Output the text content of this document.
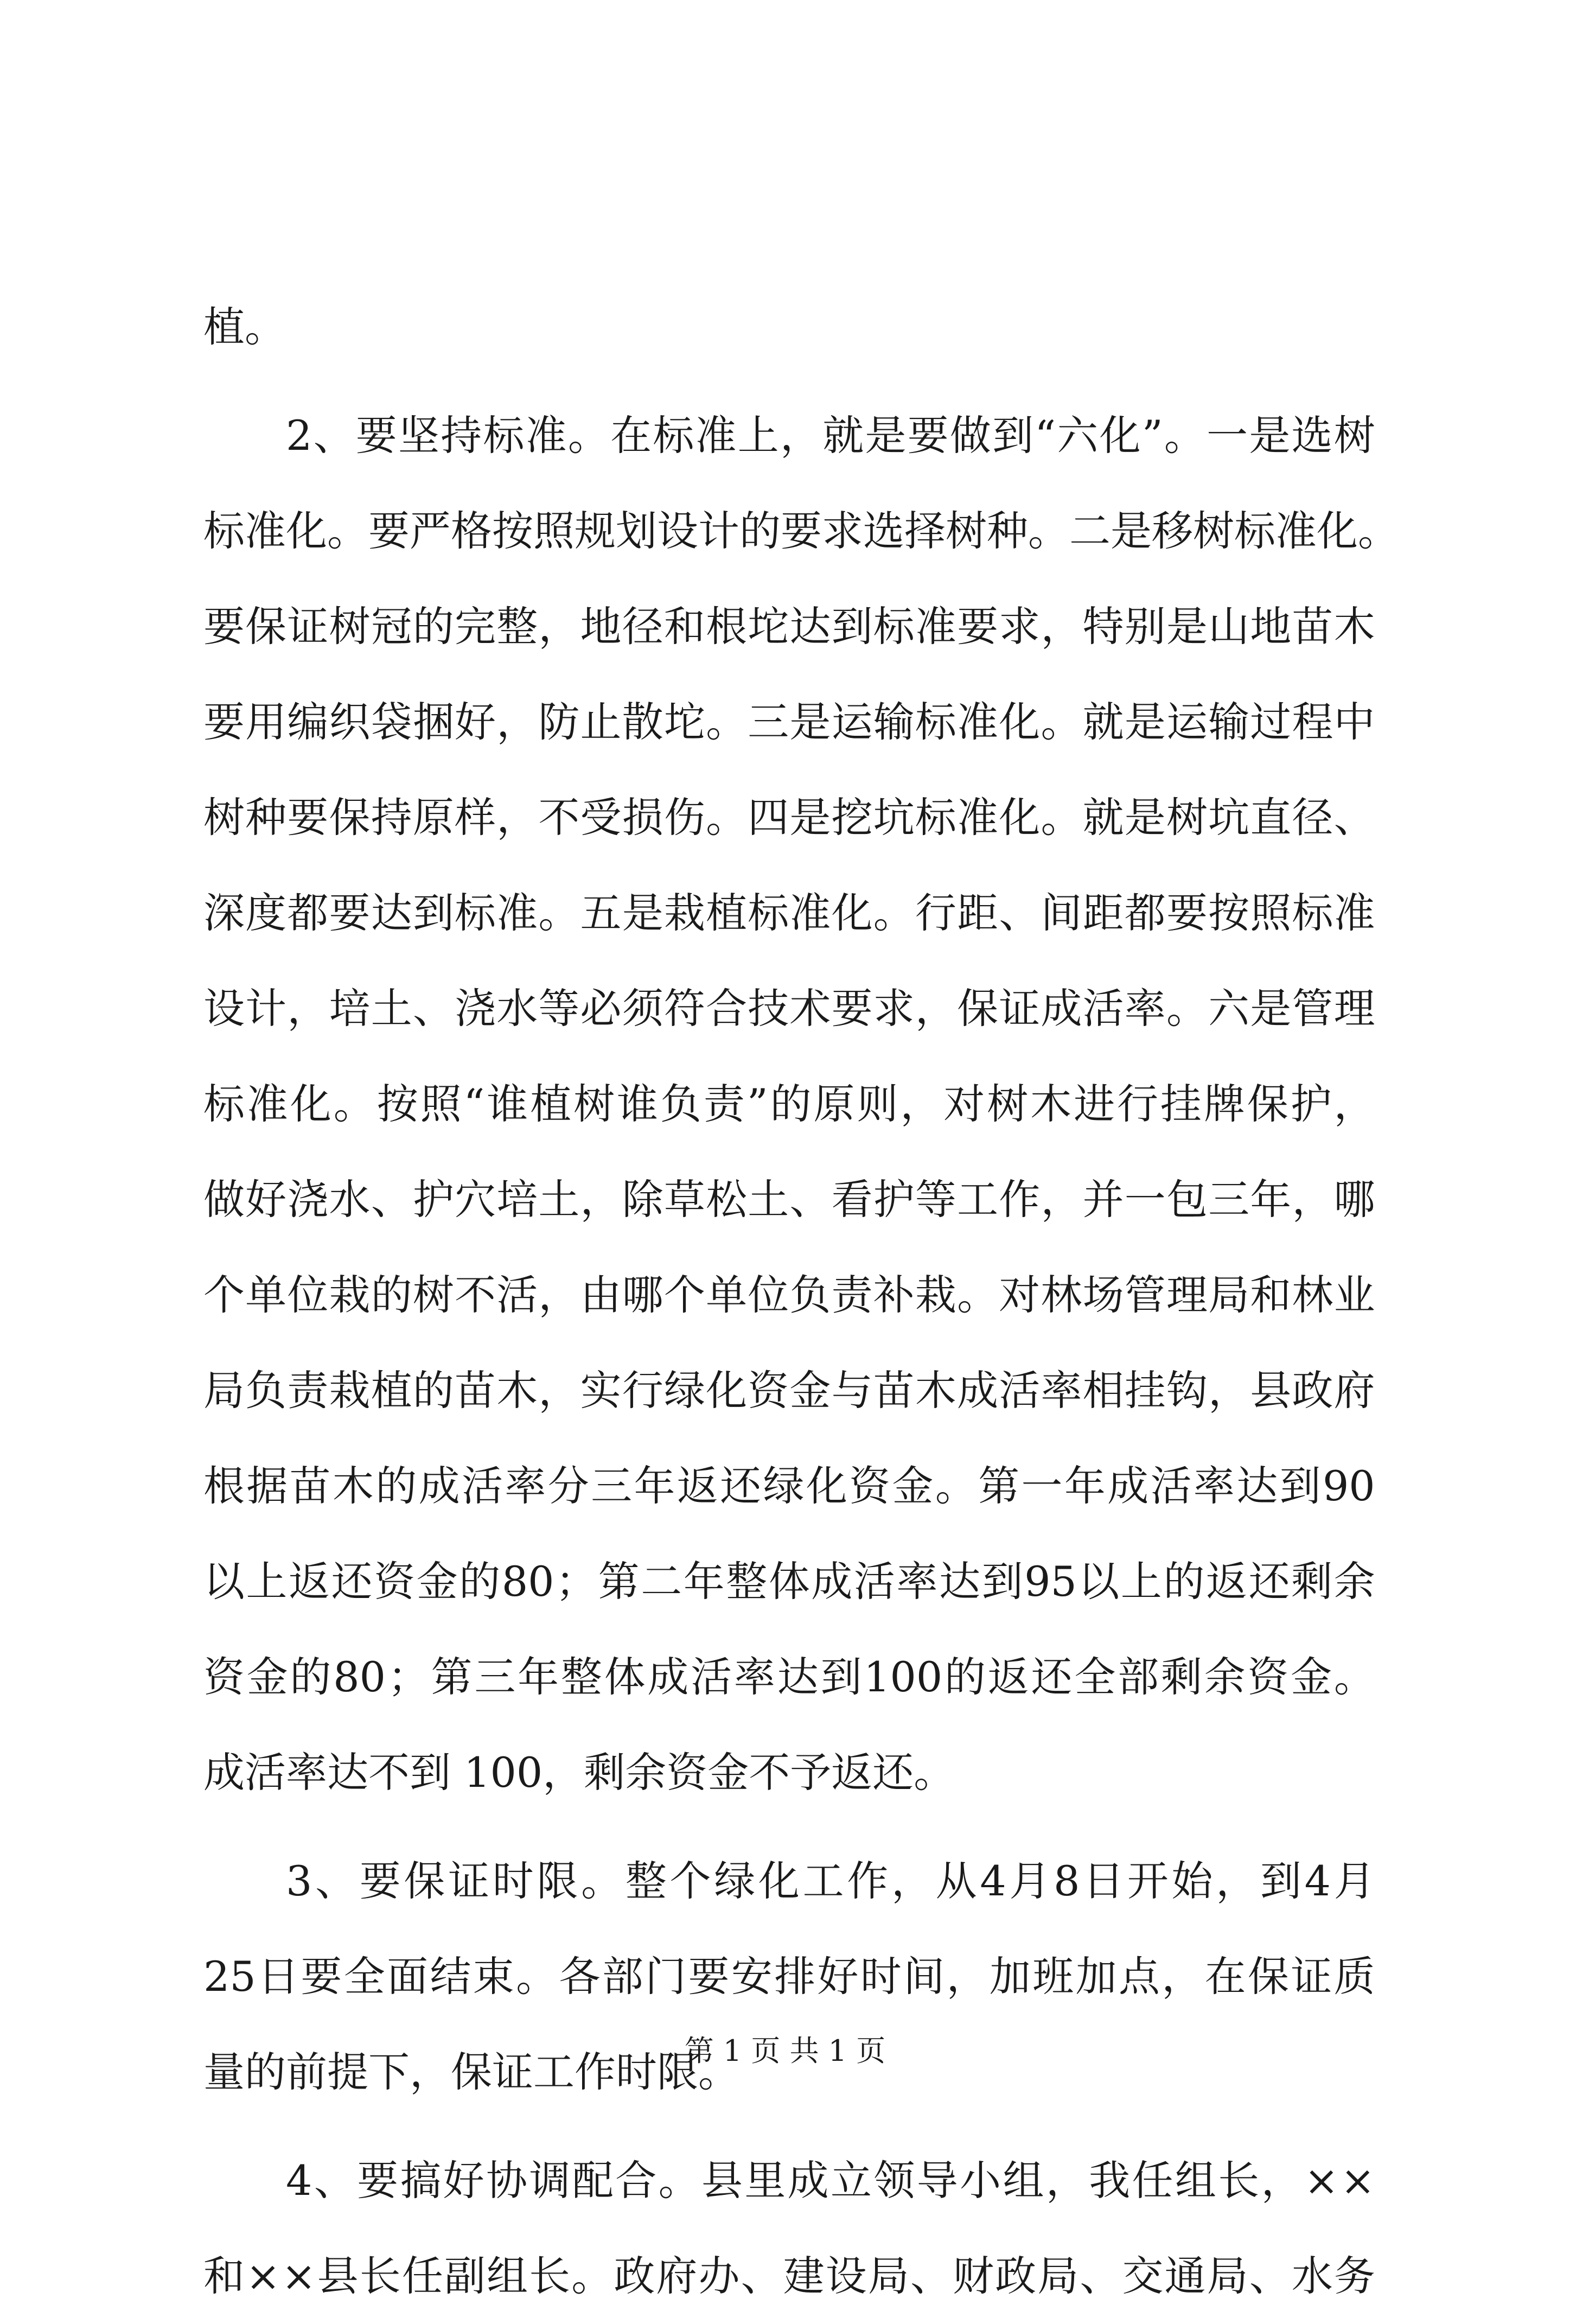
植。
　　2 、 要 坚 持 标 准 。 在 标 准 上 ， 就 是 要 做 到 “ 六 化 ” 。 一 是 选 树
标 准 化 。 要 严 格 按 照 规 划 设 计 的 要 求 选 择 树 种 。 二 是 移 树 标 准 化 。
要 保 证 树 冠 的 完 整 ， 地 径 和 根 坨 达 到 标 准 要 求 ， 特 别 是 山 地 苗 木
要 用 编 织 袋 捆 好 ， 防 止 散 坨 。 三 是 运 输 标 准 化 。 就 是 运 输 过 程 中
树 种 要 保 持 原 样 ， 不 受 损 伤 。 四 是 挖 坑 标 准 化 。 就 是 树 坑 直 径 、
深 度 都 要 达 到 标 准 。 五 是 栽 植 标 准 化 。 行 距 、 间 距 都 要 按 照 标 准
设 计 ， 培 土 、 浇 水 等 必 须 符 合 技 术 要 求 ， 保 证 成 活 率 。 六 是 管 理
标 准 化 。 按 照 “ 谁 植 树 谁 负 责 ” 的 原 则 ， 对 树 木 进 行 挂 牌 保 护 ，
做 好 浇 水 、 护 穴 培 土 ， 除 草 松 土 、 看 护 等 工 作 ， 并 一 包 三 年 ， 哪
个 单 位 栽 的 树 不 活 ， 由 哪 个 单 位 负 责 补 栽 。 对 林 场 管 理 局 和 林 业
局 负 责 栽 植 的 苗 木 ， 实 行 绿 化 资 金 与 苗 木 成 活 率 相 挂 钩 ， 县 政 府
根 据 苗 木 的 成 活 率 分 三 年 返 还 绿 化 资 金 。 第 一 年 成 活 率 达 到 90
以 上 返 还 资 金 的 80 ； 第 二 年 整 体 成 活 率 达 到 95 以 上 的 返 还 剩 余
资 金 的 80 ； 第 三 年 整 体 成 活 率 达 到 100 的 返 还 全 部 剩 余 资 金 。
成活率达不到 100，剩余资金不予返还。
　　3 、 要 保 证 时 限 。 整 个 绿 化 工 作 ， 从 4 月 8 日 开 始 ， 到 4 月
25 日 要 全 面 结 束 。 各 部 门 要 安 排 好 时 间 ， 加 班 加 点 ， 在 保 证 质
量的前提下，保证工作时限。
　　4 、 要 搞 好 协 调 配 合 。 县 里 成 立 领 导 小 组 ， 我 任 组 长 ， × ×
和 × × 县 长 任 副 组 长 。 政 府 办 、 建 设 局 、 财 政 局 、 交 通 局 、 水 务
第 1 页 共 1 页
